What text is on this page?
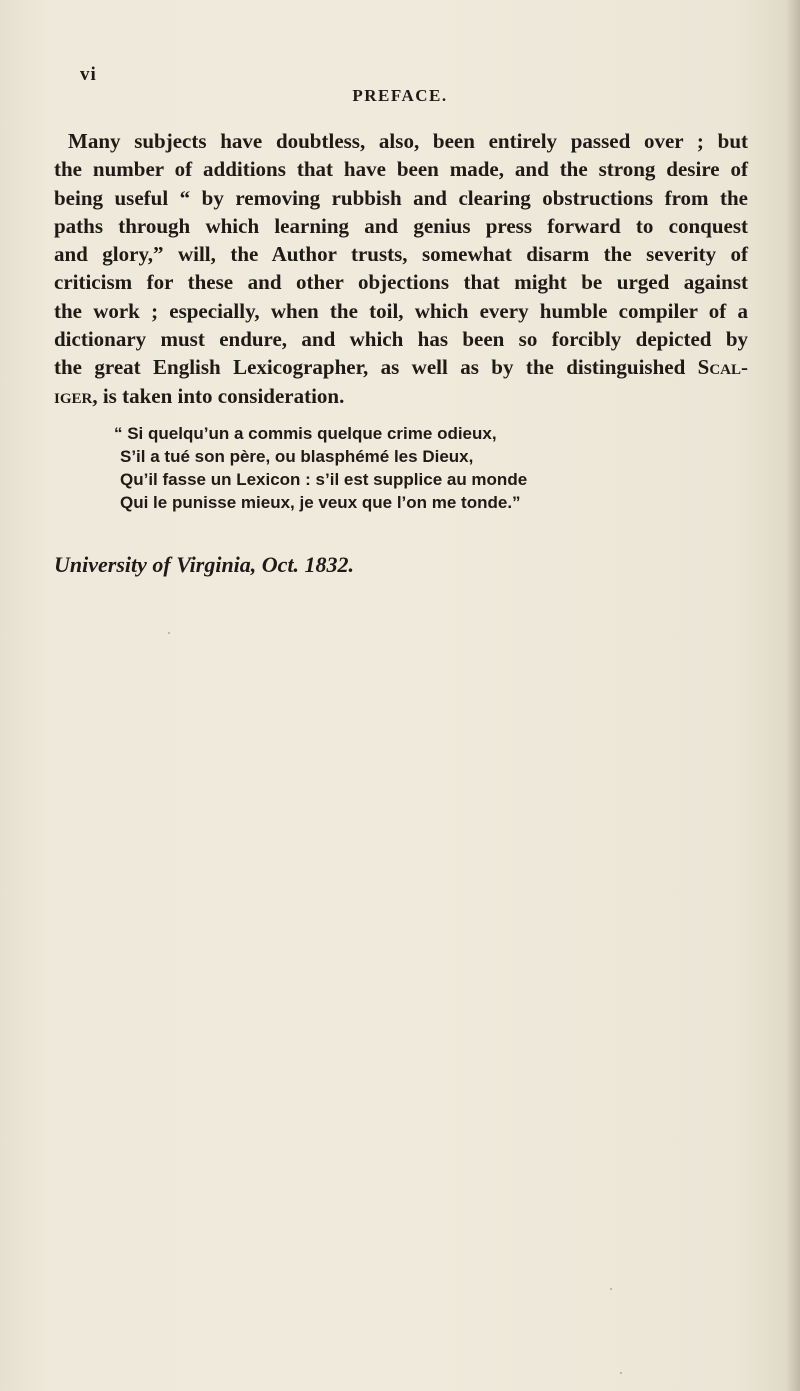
vi
PREFACE.
Many subjects have doubtless, also, been entirely passed over ; but
the number of additions that have been made, and the strong desire of
being useful “ by removing rubbish and clearing obstructions from the
paths through which learning and genius press forward to conquest
and glory,” will, the Author trusts, somewhat disarm the severity of
criticism for these and other objections that might be urged against
the work ; especially, when the toil, which every humble compiler of a
dictionary must endure, and which has been so forcibly depicted by
the great English Lexicographer, as well as by the distinguished Scal-
iger, is taken into consideration.
“ Si quelqu’un a commis quelque crime odieux,
S’il a tué son père, ou blasphémé les Dieux,
Qu’il fasse un Lexicon : s’il est supplice au monde
Qui le punisse mieux, je veux que l’on me tonde.”
University of Virginia, Oct. 1832.
